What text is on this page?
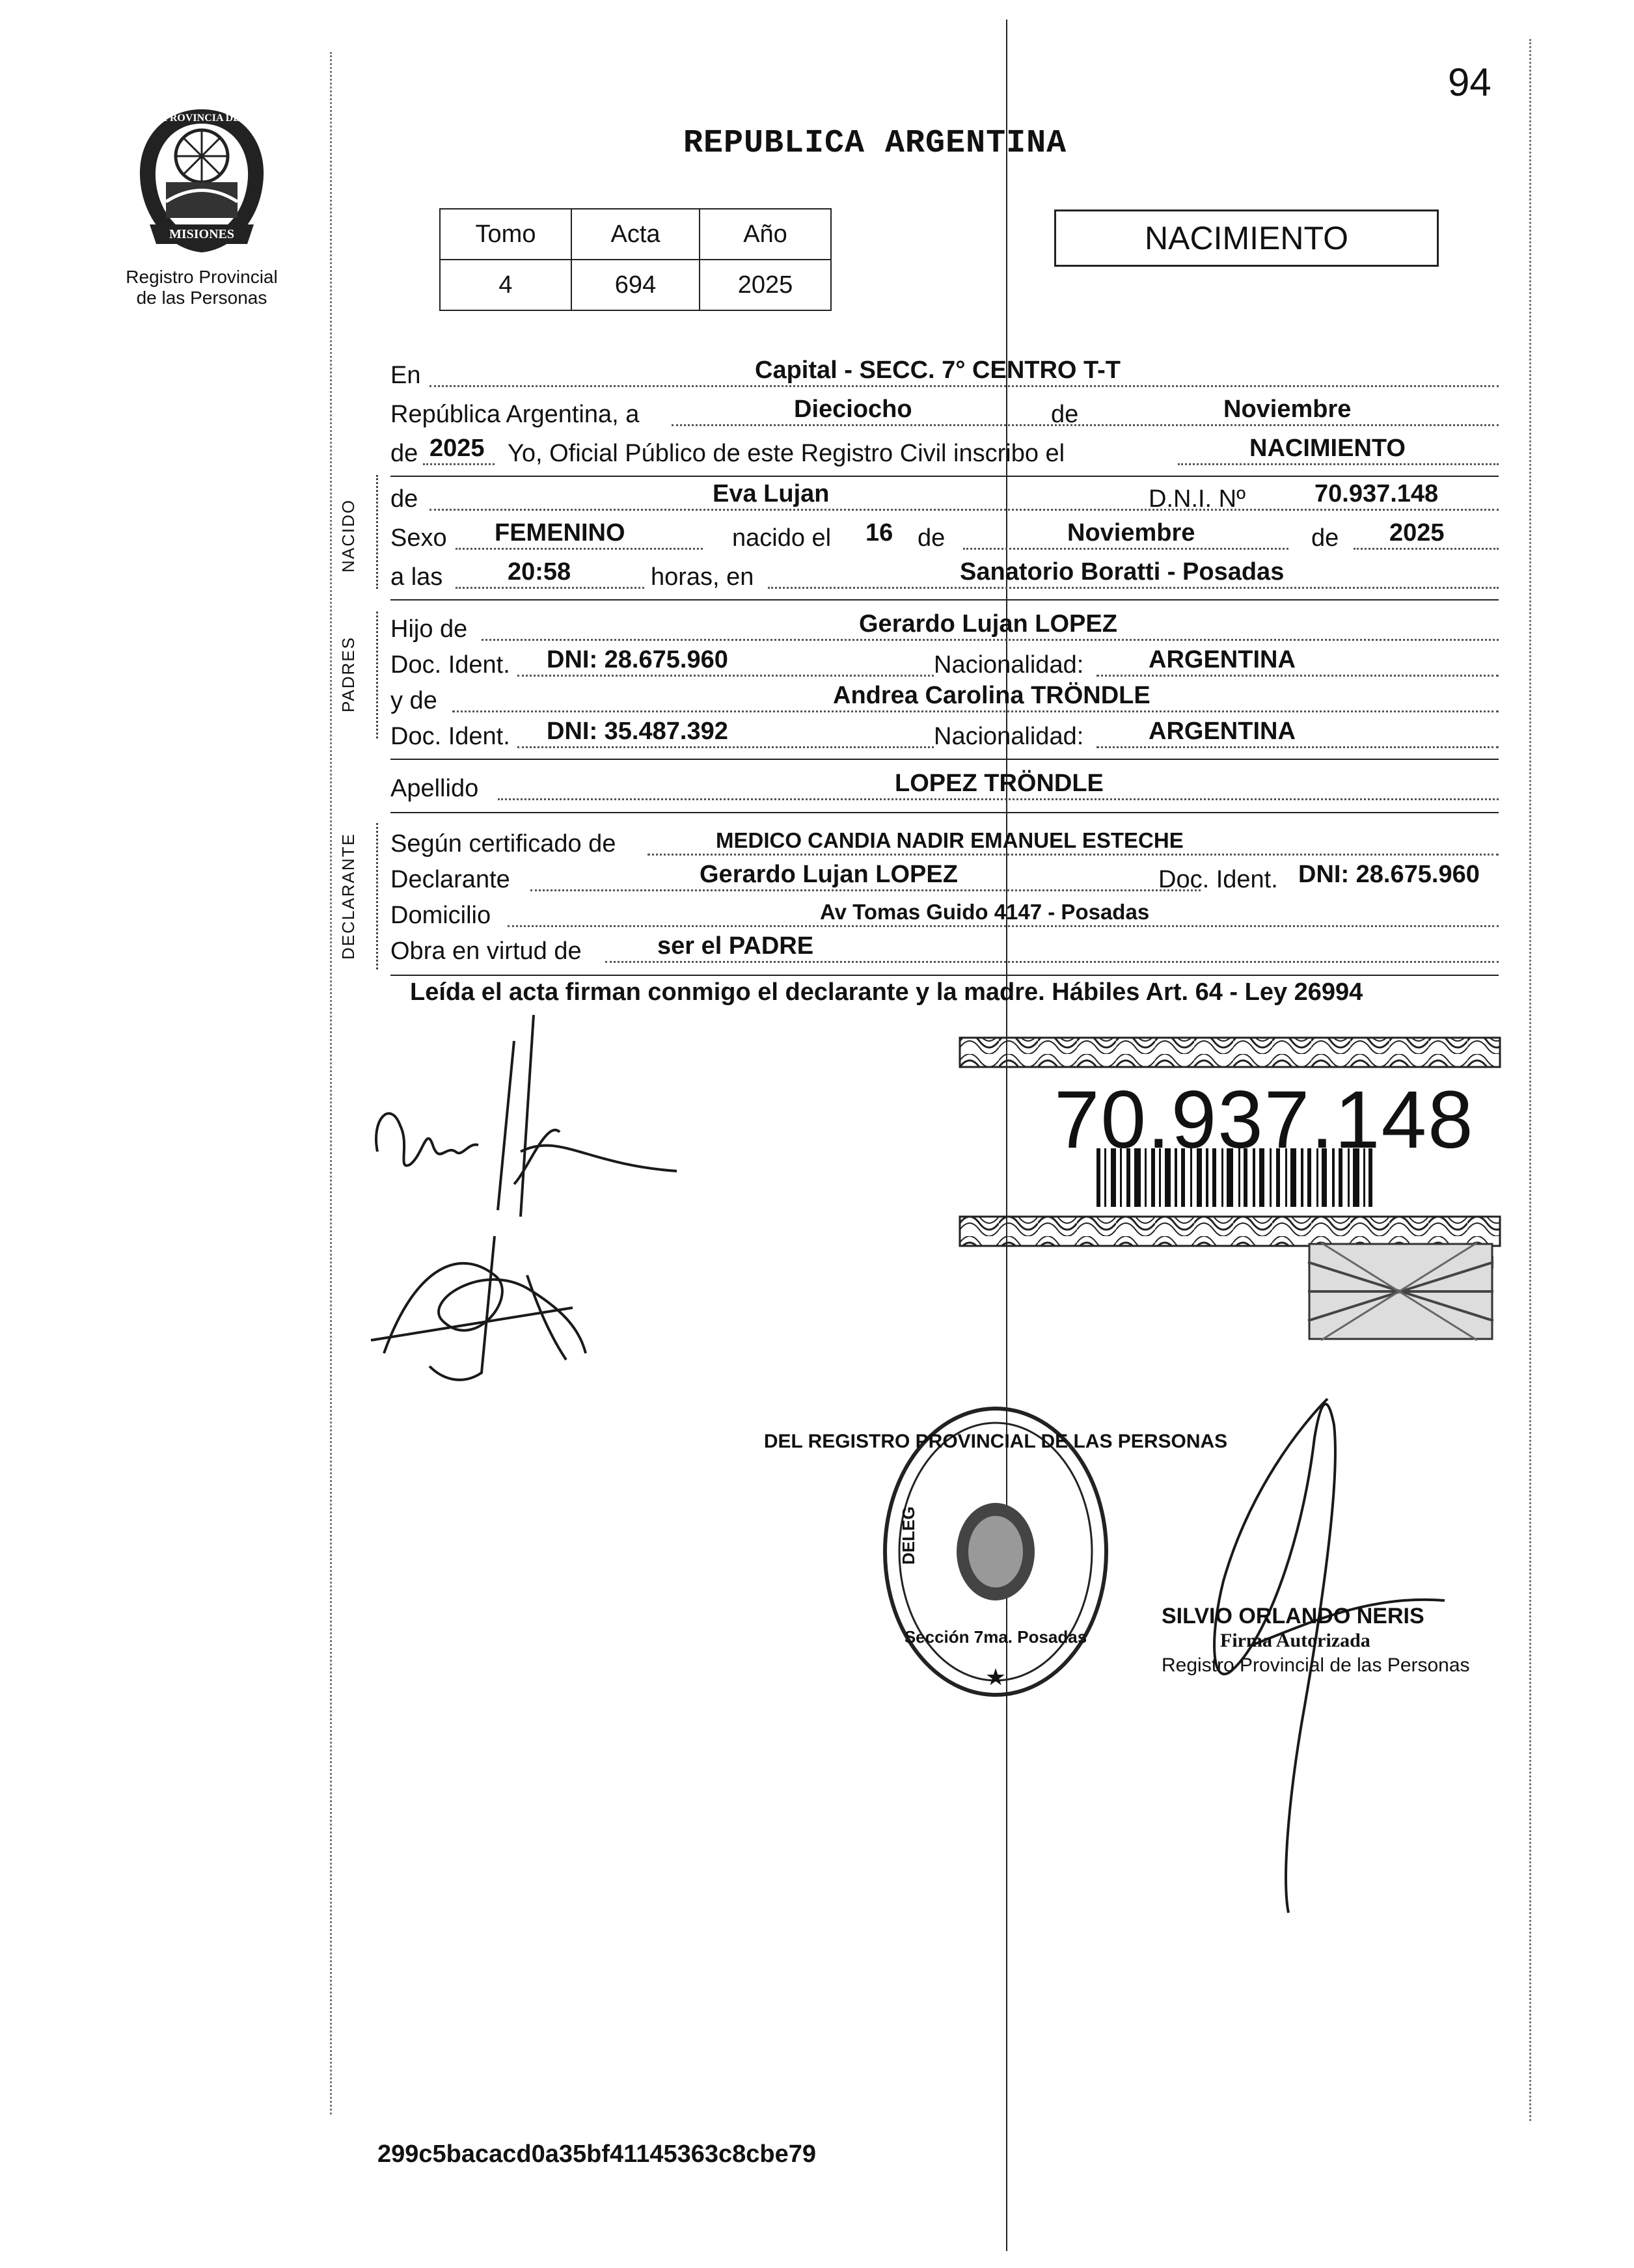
94
MISIONES
PROVINCIA DE
Registro Provincial
de las Personas
REPUBLICA ARGENTINA
Tomo	Acta	Año
4	694	2025
NACIMIENTO
En	Capital - SECC. 7° CENTRO T-T
República Argentina, a	Dieciocho	de	Noviembre
de 2025 Yo, Oficial Público de este Registro Civil inscribo el	NACIMIENTO
NACIDO de	Eva Lujan	D.N.I. Nº	70.937.148
Sexo FEMENINO	nacido el 16 de	Noviembre	de 2025
a las	20:58	horas, en	Sanatorio Boratti - Posadas
PADRES
Hijo de	Gerardo Lujan LOPEZ
Doc. Ident. DNI: 28.675.960	Nacionalidad:	ARGENTINA
y de	Andrea Carolina TRÖNDLE
Doc. Ident. DNI: 35.487.392	Nacionalidad:	ARGENTINA
Apellido	LOPEZ TRÖNDLE
DECLARANTE Según certificado de	MEDICO CANDIA NADIR EMANUEL ESTECHE
Declarante	Gerardo Lujan LOPEZ	Doc. Ident. DNI: 28.675.960
Domicilio	Av Tomas Guido 4147 - Posadas
Obra en virtud de	ser el PADRE
Leída el acta firman conmigo el declarante y la madre. Hábiles Art. 64 - Ley 26994
70.937.148
DEL REGISTRO PROVINCIAL DE LAS PERSONAS
DELEG
Sección 7ma. Posadas
★
SILVIO ORLANDO NERIS
Firma Autorizada
Registro Provincial de las Personas
299c5bacacd0a35bf41145363c8cbe79
